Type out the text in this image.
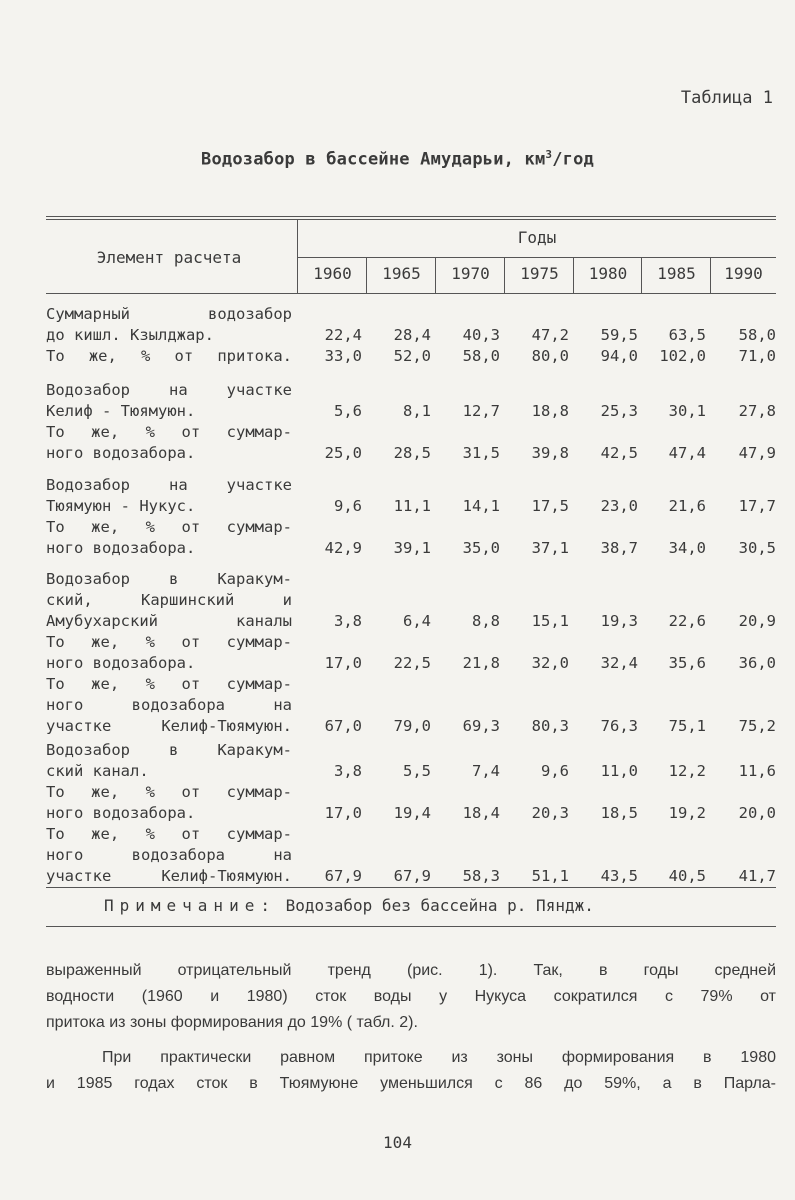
Таблица 1
Водозабор в бассейне Амударьи, $км^3$/год
Элемент расчета
Годы
1960	1965	1970	1975	1980	1985	1990
Суммарный водозабор
до кишл. Кзылджар.	22,4	28,4	40,3	47,2	59,5	63,5	58,0
То же, % от притока.	33,0	52,0	58,0	80,0	94,0	102,0	71,0
Водозабор на участке
Келиф - Тюямуюн.	5,6	8,1	12,7	18,8	25,3	30,1	27,8
То же, % от суммар-
ного водозабора.	25,0	28,5	31,5	39,8	42,5	47,4	47,9
Водозабор на участке
Тюямуюн - Нукус.	9,6	11,1	14,1	17,5	23,0	21,6	17,7
То же, % от суммар-
ного водозабора.	42,9	39,1	35,0	37,1	38,7	34,0	30,5
Водозабор в Каракум-
ский, Каршинский и
Амубухарский каналы	3,8	6,4	8,8	15,1	19,3	22,6	20,9
То же, % от суммар-
ного водозабора.	17,0	22,5	21,8	32,0	32,4	35,6	36,0
То же, % от суммар-
ного водозабора на
участке Келиф-Тюямуюн.	67,0	79,0	69,3	80,3	76,3	75,1	75,2
Водозабор в Каракум-
ский канал.	3,8	5,5	7,4	9,6	11,0	12,2	11,6
То же, % от суммар-
ного водозабора.	17,0	19,4	18,4	20,3	18,5	19,2	20,0
То же, % от суммар-
ного водозабора на
участке Келиф-Тюямуюн.	67,9	67,9	58,3	51,1	43,5	40,5	41,7
Примечание: Водозабор без бассейна р. Пяндж.
выраженный отрицательный тренд (рис. 1). Так, в годы средней
водности (1960 и 1980) сток воды у Нукуса сократился с 79% от
притока из зоны формирования до 19% ( табл. 2).
При практически равном притоке из зоны формирования в 1980
и 1985 годах сток в Тюямуюне уменьшился с 86 до 59%, а в Парла-
104
